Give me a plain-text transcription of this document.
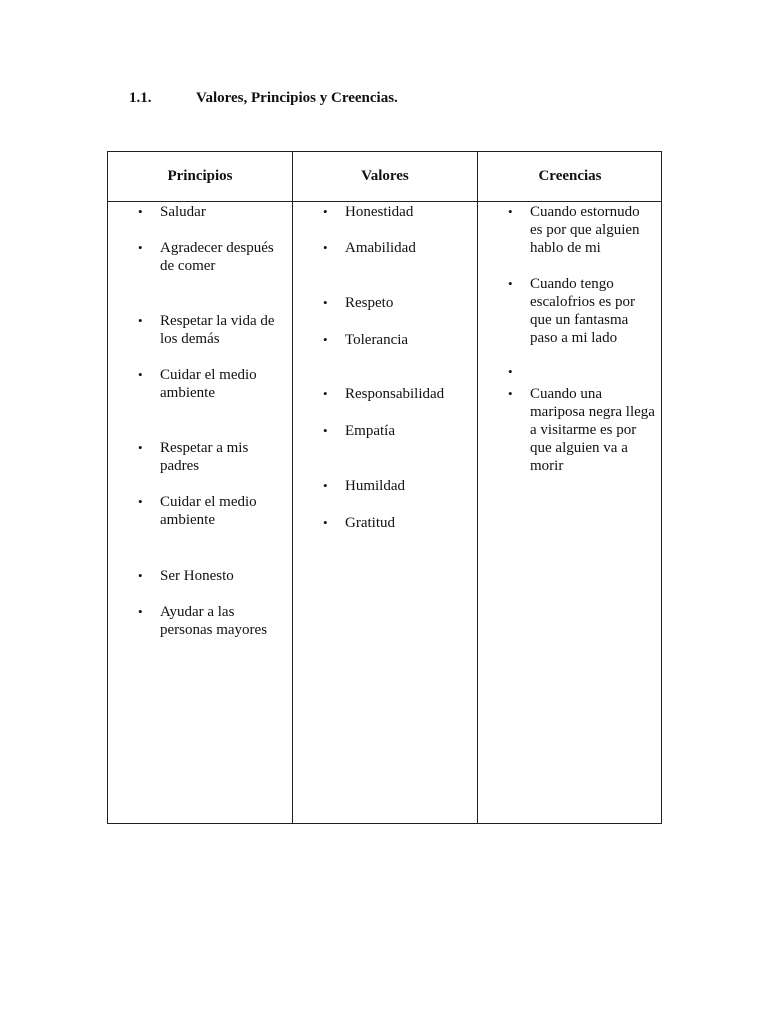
1.1.	Valores, Principios y Creencias.
Principios
• Saludar
• Agradecer después
de comer
• Respetar la vida de
los demás
• Cuidar el medio
ambiente
• Respetar a mis
padres
• Cuidar el medio
ambiente
• Ser Honesto
• Ayudar a las
personas mayores
Valores
• Honestidad
• Amabilidad
• Respeto
• Tolerancia
• Responsabilidad
• Empatía
• Humildad
• Gratitud
Creencias
• Cuando estornudo
es por que alguien
hablo de mi
• Cuando tengo
escalofrios es por
que un fantasma
paso a mi lado
•
• Cuando una
mariposa negra llega
a visitarme es por
que alguien va a
morir
